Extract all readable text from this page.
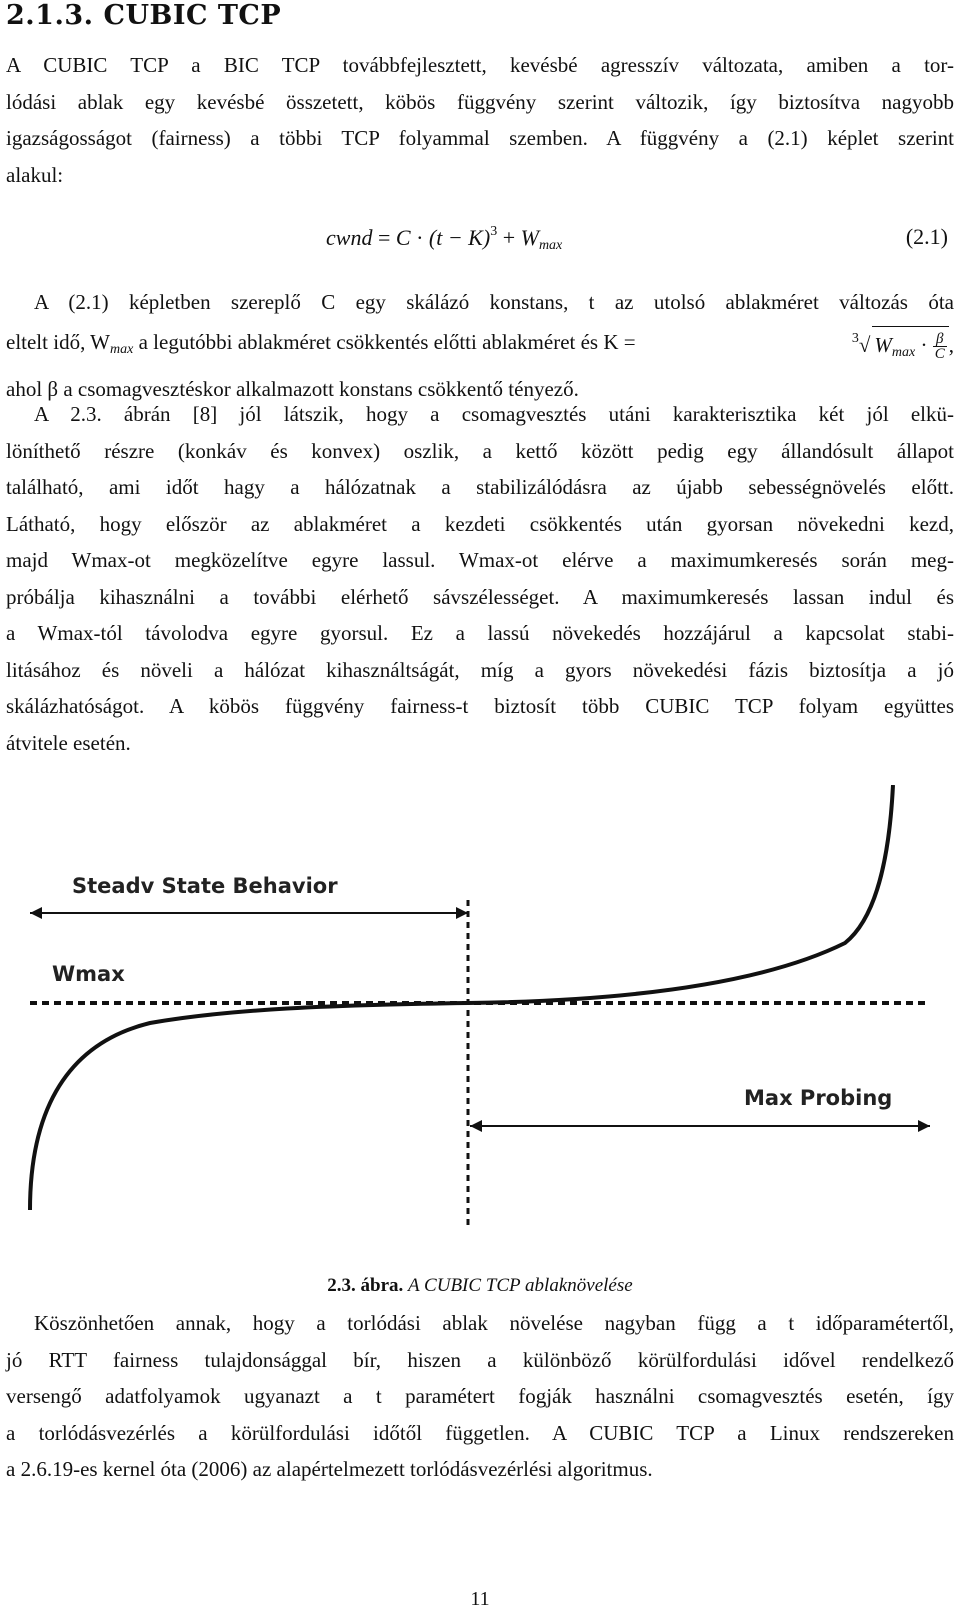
2.1.3. CUBIC TCP
A CUBIC TCP a BIC TCP továbbfejlesztett, kevésbé agresszív változata, amiben a tor-
lódási ablak egy kevésbé összetett, köbös függvény szerint változik, így biztosítva nagyobb
igazságosságot (fairness) a többi TCP folyammal szemben. A függvény a (2.1) képlet szerint
alakul:
cwnd = $C \cdot (t - K)^3 + W_{max}$	(2.1)
A (2.1) képletben szereplő C egy skálázó konstans, t az utolsó ablakméret változás óta
eltelt idő, $W_{max}$ a legutóbbi ablakméret csökkentés előtti ablakméret és K =	$^3$√ $W_{max} \cdot \frac{\beta}{C}$ ,
ahol β a csomagvesztéskor alkalmazott konstans csökkentő tényező.
A 2.3. ábrán [8] jól látszik, hogy a csomagvesztés utáni karakterisztika két jól elkü-
löníthető részre (konkáv és konvex) oszlik, a kettő között pedig egy állandósult állapot
található, ami időt hagy a hálózatnak a stabilizálódásra az újabb sebességnövelés előtt.
Látható, hogy először az ablakméret a kezdeti csökkentés után gyorsan növekedni kezd,
majd Wmax-ot megközelítve egyre lassul. Wmax-ot elérve a maximumkeresés során meg-
próbálja kihasználni a további elérhető sávszélességet. A maximumkeresés lassan indul és
a Wmax-tól távolodva egyre gyorsul. Ez a lassú növekedés hozzájárul a kapcsolat stabi-
litásához és növeli a hálózat kihasználtságát, míg a gyors növekedési fázis biztosítja a jó
skálázhatóságot. A köbös függvény fairness-t biztosít több CUBIC TCP folyam együttes
átvitele esetén.
Steadv State Behavior
Wmax
Max Probing
2.3. ábra. A CUBIC TCP ablaknövelése
Köszönhetően annak, hogy a torlódási ablak növelése nagyban függ a t időparamétertől,
jó RTT fairness tulajdonsággal bír, hiszen a különböző körülfordulási idővel rendelkező
versengő adatfolyamok ugyanazt a t paramétert fogják használni csomagvesztés esetén, így
a torlódásvezérlés a körülfordulási időtől független. A CUBIC TCP a Linux rendszereken
a 2.6.19-es kernel óta (2006) az alapértelmezett torlódásvezérlési algoritmus.
11
